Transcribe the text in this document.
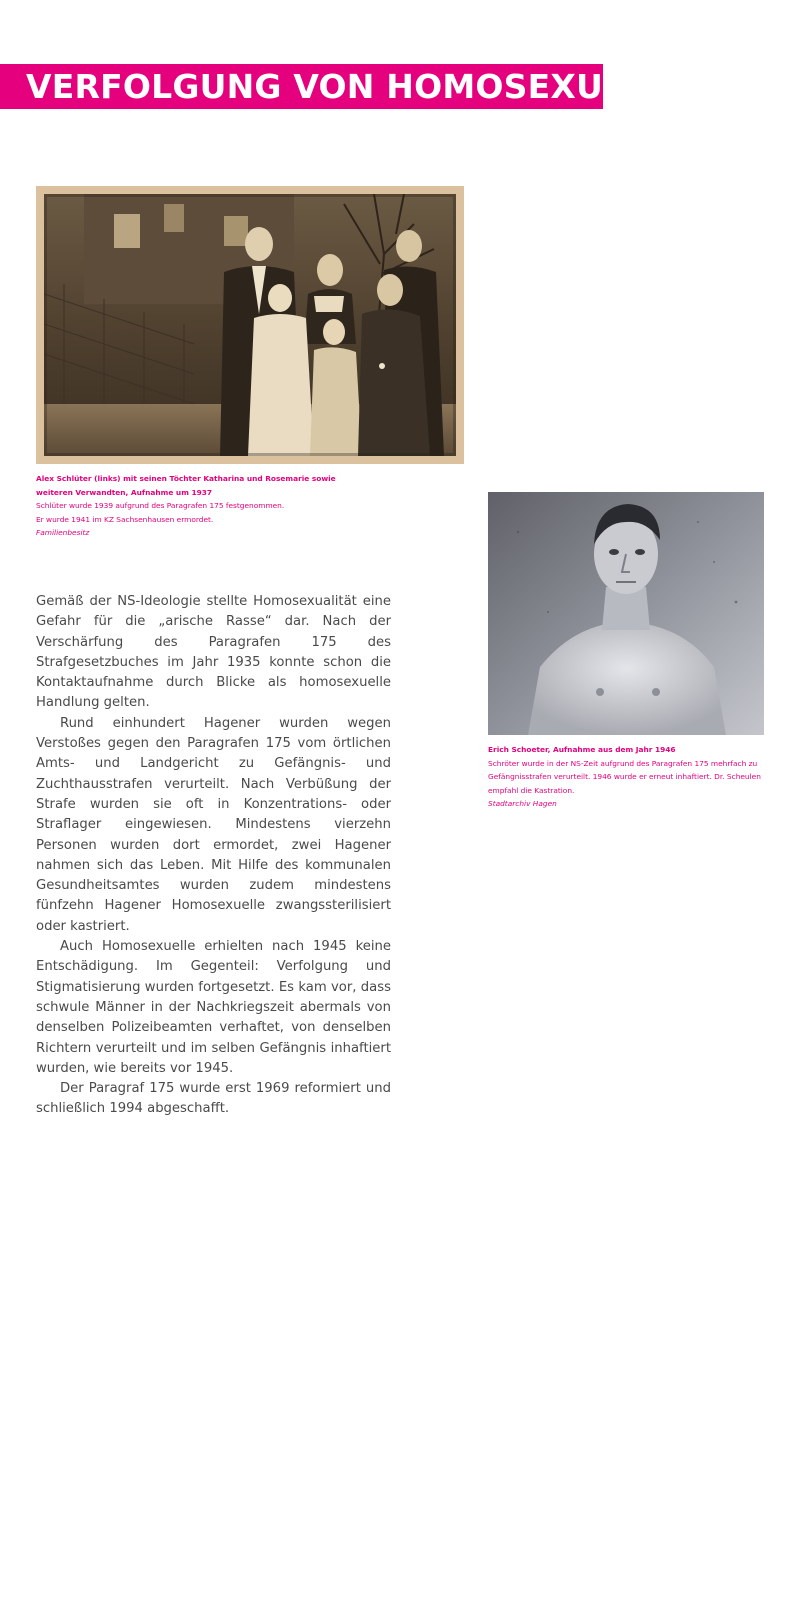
VERFOLGUNG VON HOMOSEXUELLEN
Alex Schlüter (links) mit seinen Töchter Katharina und Rosemarie sowie
weiteren Verwandten, Aufnahme um 1937
Schlüter wurde 1939 aufgrund des Paragrafen 175 festgenommen.
Er wurde 1941 im KZ Sachsenhausen ermordet.
Familienbesitz
Erich Schoeter, Aufnahme aus dem Jahr 1946
Schröter wurde in der NS-Zeit aufgrund des Paragrafen 175 mehrfach zu
Gefängnisstrafen verurteilt. 1946 wurde er erneut inhaftiert. Dr. Scheulen
empfahl die Kastration.
Stadtarchiv Hagen

Gemäß der NS-Ideologie stellte Homosexualität eine Gefahr für die „arische Rasse“ dar. Nach der Verschärfung des Paragrafen 175 des Strafgesetzbuches im Jahr 1935 konnte schon die Kontaktaufnahme durch Blicke als homosexuelle Handlung gelten.

Rund einhundert Hagener wurden wegen Verstoßes gegen den Paragrafen 175 vom örtlichen Amts- und Landgericht zu Gefängnis- und Zuchthausstrafen verurteilt. Nach Verbüßung der Strafe wurden sie oft in Konzentrations- oder Straflager eingewiesen. Mindestens vierzehn Personen wurden dort ermordet, zwei Hagener nahmen sich das Leben. Mit Hilfe des kommunalen Gesundheitsamtes wurden zudem mindestens fünfzehn Hagener Homosexuelle zwangssterilisiert oder kastriert.

Auch Homosexuelle erhielten nach 1945 keine Entschädigung. Im Gegenteil: Verfolgung und Stigmatisierung wurden fortgesetzt. Es kam vor, dass schwule Männer in der Nachkriegszeit abermals von denselben Polizeibeamten verhaftet, von denselben Richtern verurteilt und im selben Gefängnis inhaftiert wurden, wie bereits vor 1945.

Der Paragraf 175 wurde erst 1969 reformiert und schließlich 1994 abgeschafft.
